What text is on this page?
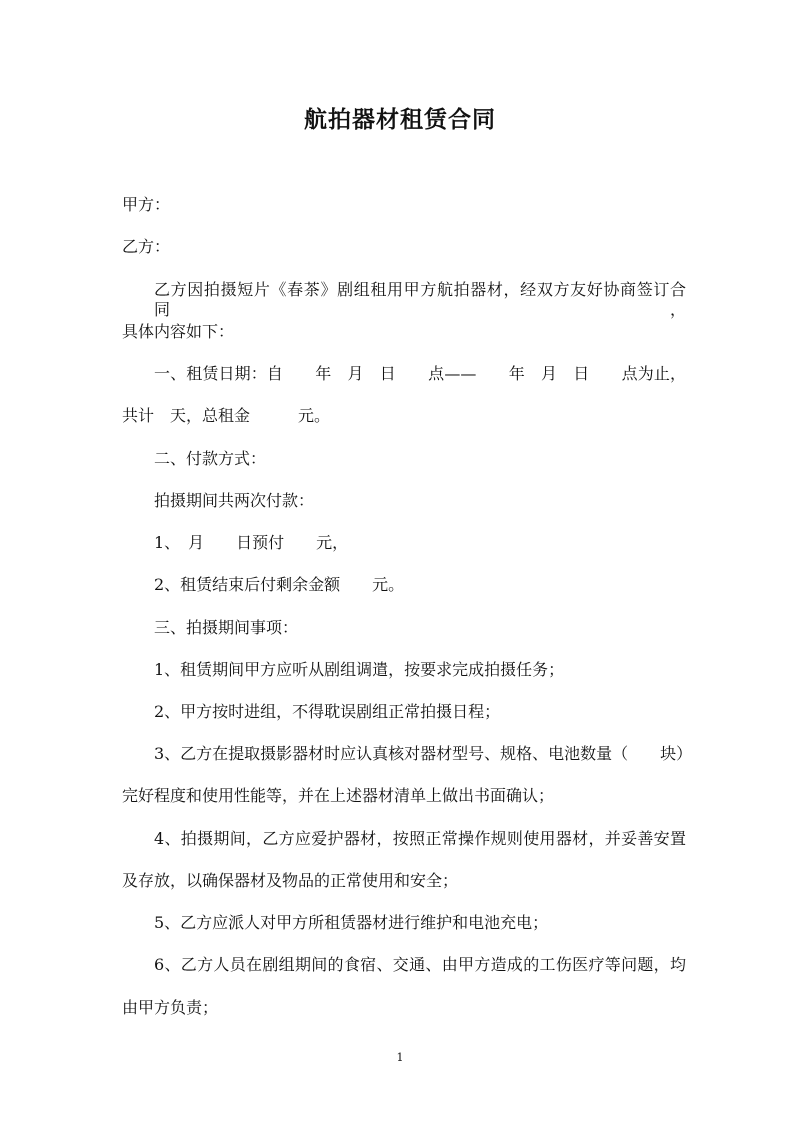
航拍器材租赁合同
甲方：
乙方：
乙方因拍摄短片《春茶》剧组租用甲方航拍器材，经双方友好协商签订合同，
具体内容如下：
一、租赁日期：自　　年　月　日　　点——　　年　月　日　　点为止，
共计　天，总租金　　　元。
二、付款方式：
拍摄期间共两次付款：
1、　月　　日预付　　元，
2、租赁结束后付剩余金额　　元。
三、拍摄期间事项：
1、租赁期间甲方应听从剧组调遣，按要求完成拍摄任务；
2、甲方按时进组，不得耽误剧组正常拍摄日程；
3、乙方在提取摄影器材时应认真核对器材型号、规格、电池数量（　　块）
完好程度和使用性能等，并在上述器材清单上做出书面确认；
4、拍摄期间，乙方应爱护器材，按照正常操作规则使用器材，并妥善安置
及存放，以确保器材及物品的正常使用和安全；
5、乙方应派人对甲方所租赁器材进行维护和电池充电；
6、乙方人员在剧组期间的食宿、交通、由甲方造成的工伤医疗等问题，均
由甲方负责；
1
